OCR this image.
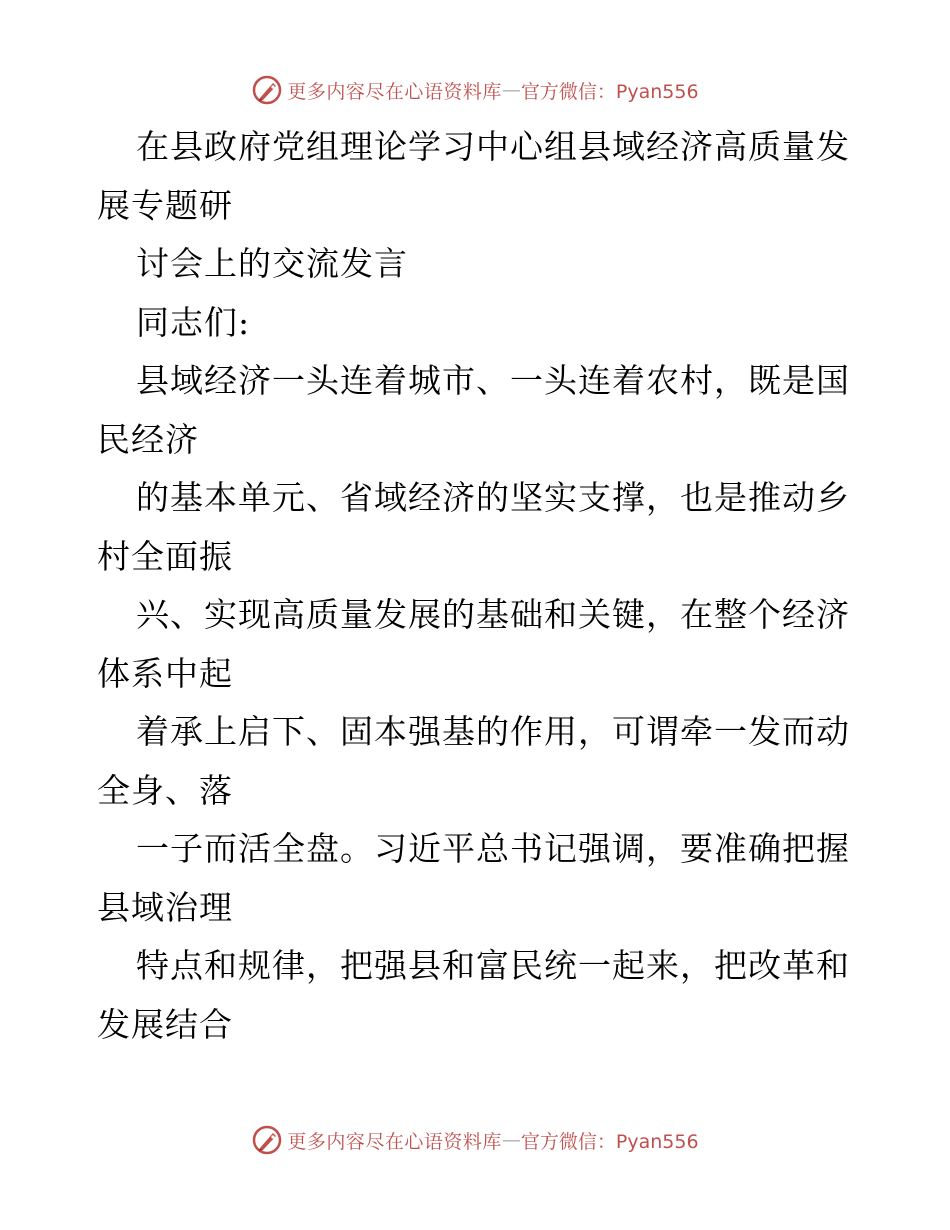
更多内容尽在心语资料库 — 官方微信：Pyan556
在县政府党组理论学习中心组县域经济高质量发
展专题研
讨会上的交流发言
同志们:
县域经济一头连着城市、一头连着农村，既是国
民经济
的基本单元、省域经济的坚实支撑，也是推动乡
村全面振
兴、实现高质量发展的基础和关键，在整个经济
体系中起
着承上启下、固本强基的作用，可谓牵一发而动
全身、落
一子而活全盘。习近平总书记强调，要准确把握
县域治理
特点和规律，把强县和富民统一起来，把改革和
发展结合
更多内容尽在心语资料库 — 官方微信：Pyan556
